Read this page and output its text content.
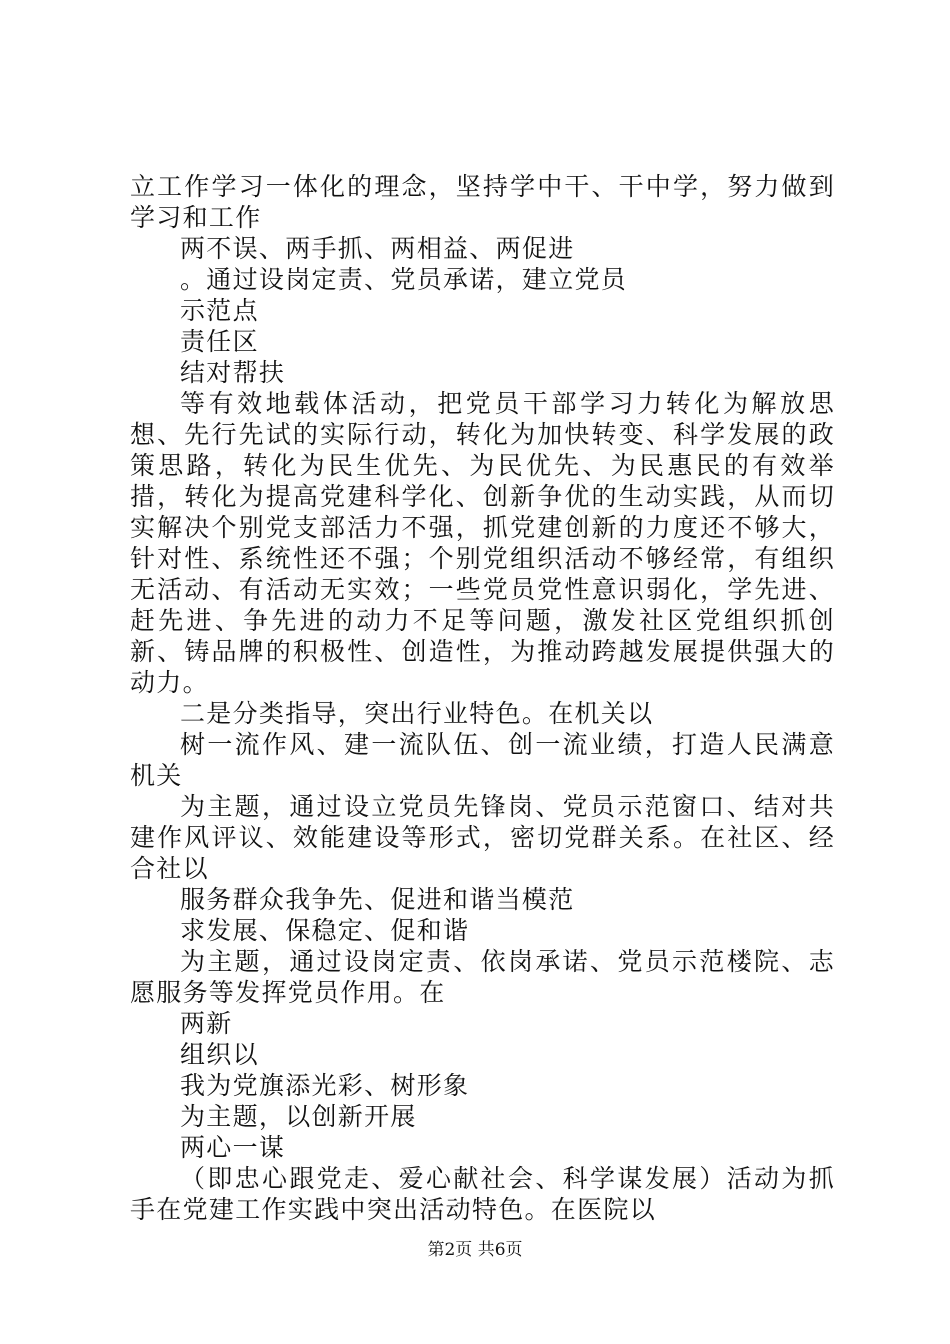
立工作学习一体化的理念，坚持学中干、干中学，努力做到学习和工作

两不误、两手抓、两相益、两促进

。通过设岗定责、党员承诺，建立党员

示范点

责任区

结对帮扶

等有效地载体活动，把党员干部学习力转化为解放思想、先行先试的实际行动，转化为加快转变、科学发展的政策思路，转化为民生优先、为民优先、为民惠民的有效举措，转化为提高党建科学化、创新争优的生动实践，从而切实解决个别党支部活力不强，抓党建创新的力度还不够大，针对性、系统性还不强；个别党组织活动不够经常，有组织无活动、有活动无实效；一些党员党性意识弱化，学先进、赶先进、争先进的动力不足等问题，激发社区党组织抓创新、铸品牌的积极性、创造性，为推动跨越发展提供强大的动力。

二是分类指导，突出行业特色。在机关以

树一流作风、建一流队伍、创一流业绩，打造人民满意机关

为主题，通过设立党员先锋岗、党员示范窗口、结对共建作风评议、效能建设等形式，密切党群关系。在社区、经合社以

服务群众我争先、促进和谐当模范

求发展、保稳定、促和谐

为主题，通过设岗定责、依岗承诺、党员示范楼院、志愿服务等发挥党员作用。在

两新

组织以

我为党旗添光彩、树形象

为主题，以创新开展

两心一谋

（即忠心跟党走、爱心献社会、科学谋发展）活动为抓手在党建工作实践中突出活动特色。在医院以

第2页 共6页
